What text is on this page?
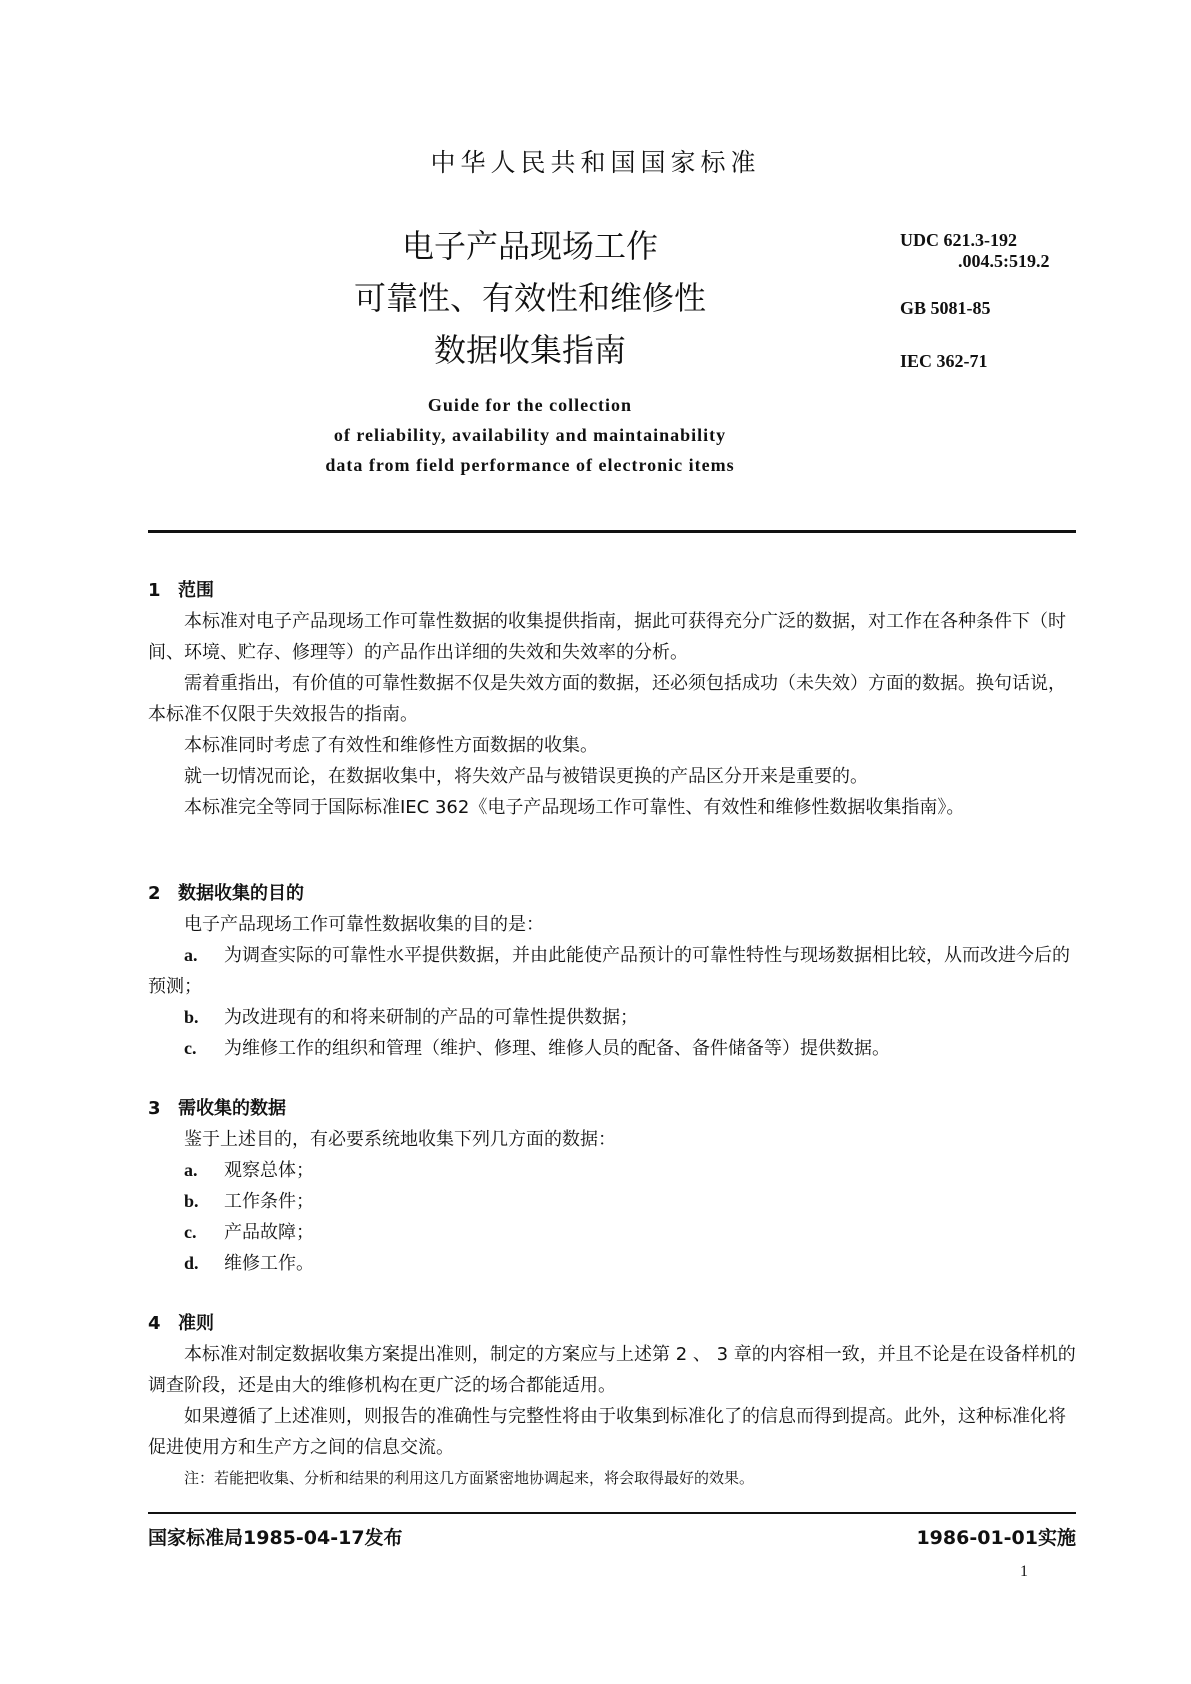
中华人民共和国国家标准
电子产品现场工作
可靠性、有效性和维修性
数据收集指南
Guide for the collection
of reliability, availability and maintainability
data from field performance of electronic items
UDC 621.3-192
.004.5:519.2
GB 5081-85
IEC 362-71
1 范围
本标准对电子产品现场工作可靠性数据的收集提供指南，据此可获得充分广泛的数据，对工作在各种条件下（时间、环境、贮存、修理等）的产品作出详细的失效和失效率的分析。
需着重指出，有价值的可靠性数据不仅是失效方面的数据，还必须包括成功（未失效）方面的数据。换句话说，本标准不仅限于失效报告的指南。
本标准同时考虑了有效性和维修性方面数据的收集。
就一切情况而论，在数据收集中，将失效产品与被错误更换的产品区分开来是重要的。
本标准完全等同于国际标准IEC 362《电子产品现场工作可靠性、有效性和维修性数据收集指南》。
2 数据收集的目的
电子产品现场工作可靠性数据收集的目的是：
a. 为调查实际的可靠性水平提供数据，并由此能使产品预计的可靠性特性与现场数据相比较，从而改进今后的预测；
b. 为改进现有的和将来研制的产品的可靠性提供数据；
c. 为维修工作的组织和管理（维护、修理、维修人员的配备、备件储备等）提供数据。
3 需收集的数据
鉴于上述目的，有必要系统地收集下列几方面的数据：
a. 观察总体；
b. 工作条件；
c. 产品故障；
d. 维修工作。
4 准则
本标准对制定数据收集方案提出准则，制定的方案应与上述第 2 、 3 章的内容相一致，并且不论是在设备样机的调查阶段，还是由大的维修机构在更广泛的场合都能适用。
如果遵循了上述准则，则报告的准确性与完整性将由于收集到标准化了的信息而得到提高。此外，这种标准化将促进使用方和生产方之间的信息交流。
注：若能把收集、分析和结果的利用这几方面紧密地协调起来，将会取得最好的效果。
国家标准局1985-04-17发布	1986-01-01实施
1
